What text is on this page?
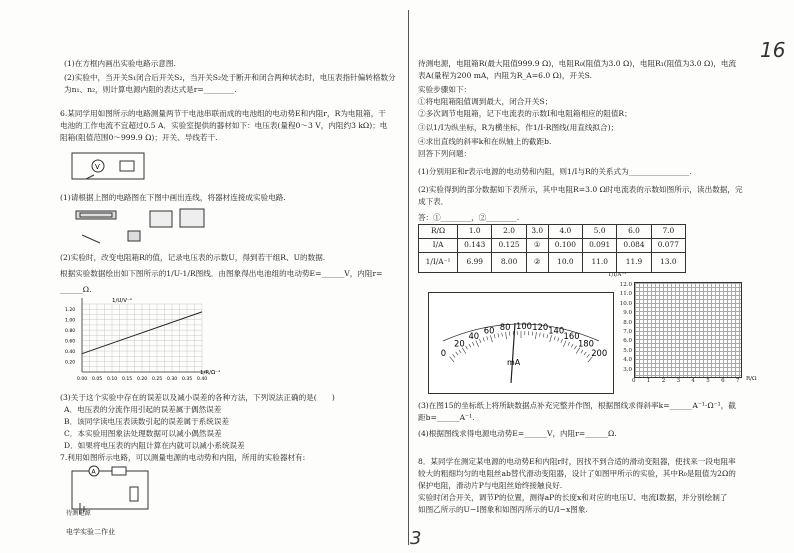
16
3

(1)在方框内画出实验电路示意图.

(2)实验中，当开关S₁闭合后开关S₂，当开关S₂处于断开和闭合两种状态时，电压表指针偏转格数分

为n₁、n₂，则计算电源内阻的表达式是r=________.

6.某同学用如图所示的电路测量两节干电池串联而成的电池组的电动势E和内阻r，R为电阻箱，干

电池的工作电流不宜超过0.5 A．实验室提供的器材如下：电压表(量程0～3 V，内阻约3 kΩ)；电

阻箱(阻值范围0～999.9 Ω)；开关、导线若干.

V

(1)请根据上图的电路图在下图中画出连线，将器材连接成实验电路.

(2)实验时，改变电阻箱R的值，记录电压表的示数U，得到若干组R、U的数据.

根据实验数据绘出如下图所示的1/U-1/R图线．由图象得出电池组的电动势E=______V，内阻r=

______Ω.

0.00 0.05 0.10 0.15 0.20 0.25 0.30 0.35 0.40
0.20
0.40
0.60
0.80
1.00
1.20
1/U/V⁻¹
1/R/Ω⁻¹

(3)关于这个实验中存在的误差以及减小误差的各种方法，下列说法正确的是(　　)

A．电压表的分流作用引起的误差属于偶然误差

B．该同学读电压表读数引起的误差属于系统误差

C．本实验用图象法处理数据可以减小偶然误差

D．如果将电压表的内阻计算在内就可以减小系统误差

7.利用如图所示电路，可以测量电源的电动势和内阻，所用的实验器材有:

A

待测电源

电学实验二作业

待测电源，电阻箱R(最大阻值999.9 Ω)，电阻R₀(阻值为3.0 Ω)，电阻R₁(阻值为3.0 Ω)，电流

表A(量程为200 mA，内阻为R_A=6.0 Ω)，开关S.

实验步骤如下：

①将电阻箱阻值调到最大，闭合开关S；

②多次调节电阻箱，记下电流表的示数I和电阻箱相应的阻值R；

③以1/I为纵坐标，R为横坐标，作1/I-R图线(用直线拟合)；

④求出直线的斜率k和在纵轴上的截距b.

回答下列问题：

(1)分别用E和r表示电源的电动势和内阻，则1/I与R的关系式为________________.

(2)实验得到的部分数据如下表所示，其中电阻R=3.0 Ω时电流表的示数如图所示，读出数据，完

成下表．

答：①________，②________.

R/Ω	1.0	2.0	3.0	4.0	5.0	6.0	7.0
I/A	0.143	0.125	①	0.100	0.091	0.084	0.077
1/I/A⁻¹	6.99	8.00	②	10.0	11.0	11.9	13.0
0
20
40
60 80 100 120 140
160
180
200
mA

1/I/A⁻¹

12.0
11.0
10.0
9.0
8.0
7.0
6.0
5.0
4.0
3.0
0 1 2 3 4 5 6 7 R/Ω

(3)在图15的坐标纸上将所缺数据点补充完整并作图，根据图线求得斜率k=______A⁻¹·Ω⁻¹，截

距b=______A⁻¹.

(4)根据图线求得电源电动势E=______V，内阻r=______Ω.

8．某同学在测定某电源的电动势E和内阻r时，因找不到合适的滑动变阻器，使找来一段电阻率

较大的粗细均匀的电阻丝ab替代滑动变阻器，设计了如图甲所示的实验，其中R₀是阻值为2Ω的

保护电阻，滑动片P与电阻丝始终接触良好.

实验时闭合开关，调节P的位置，测得aP的长度x和对应的电压U、电流I数据，并分别绘制了

如图乙所示的U−I图象和如图丙所示的U/I−x图象.
